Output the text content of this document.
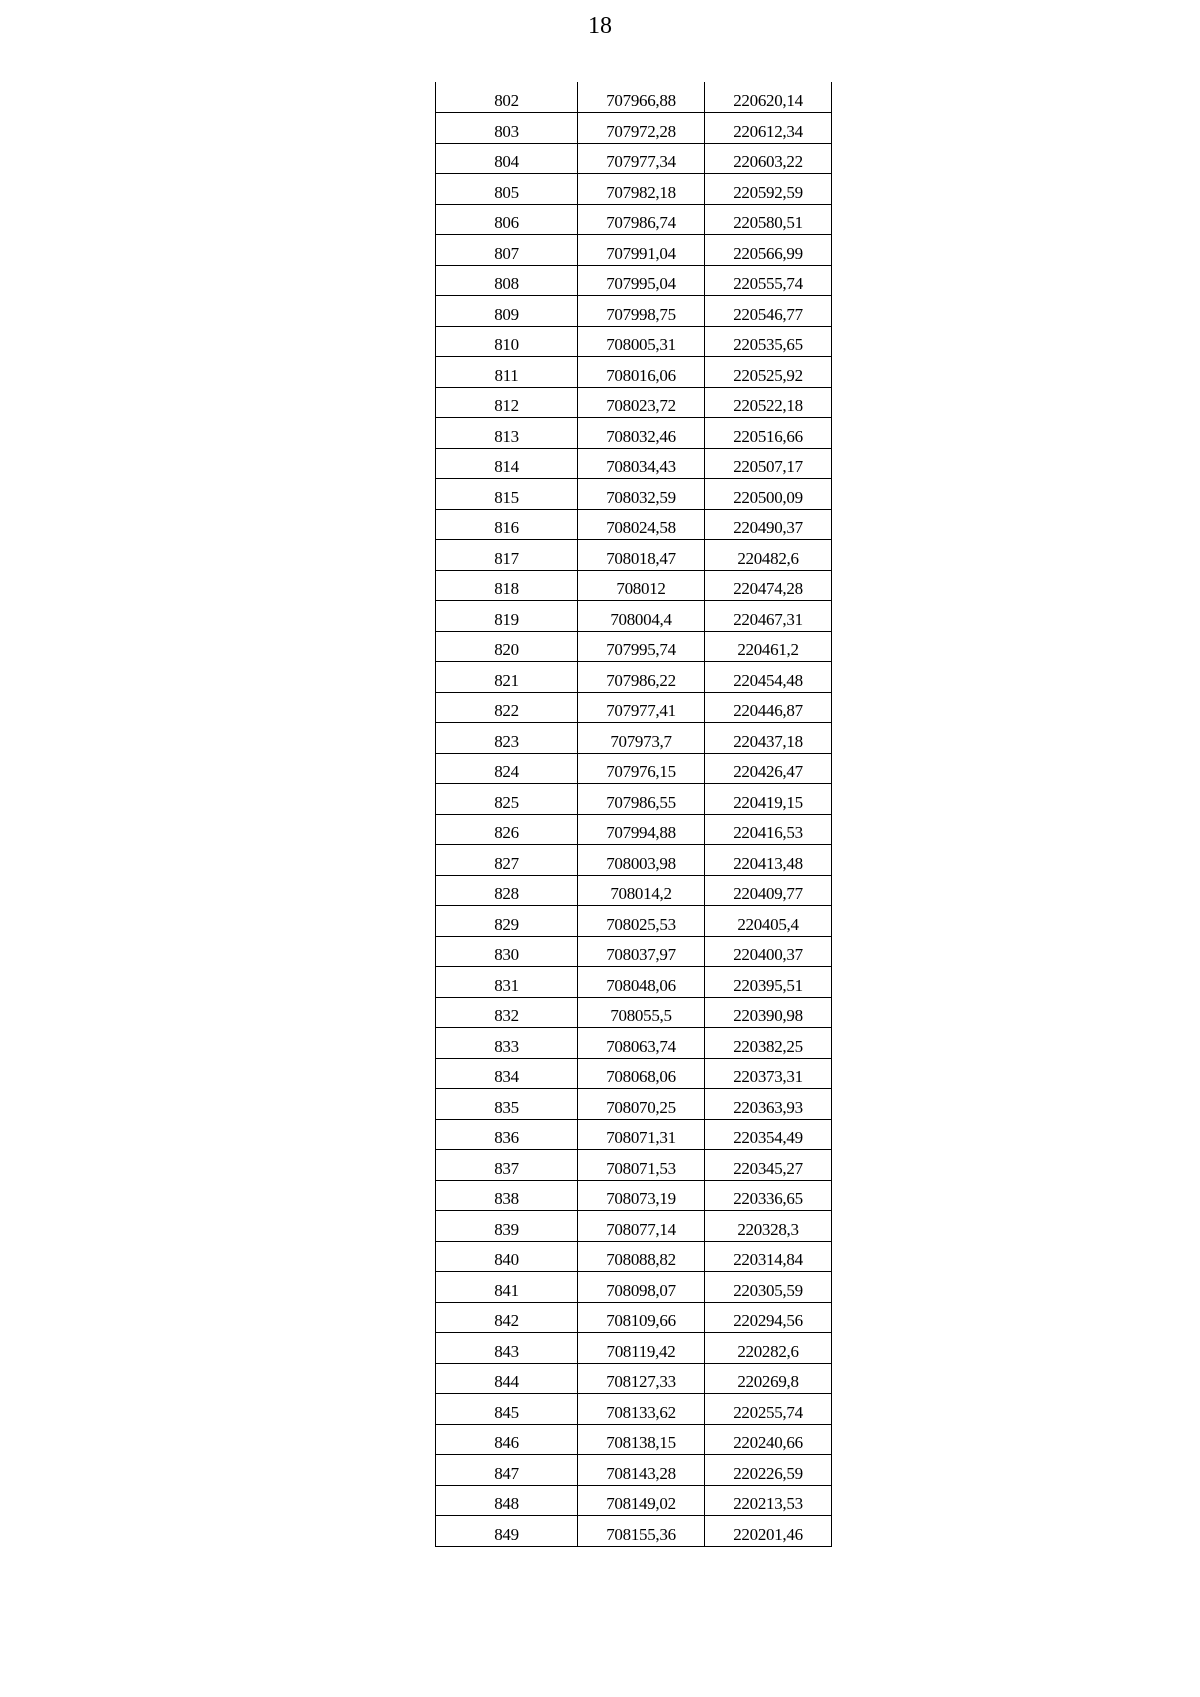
18
802	707966,88	220620,14
803	707972,28	220612,34
804	707977,34	220603,22
805	707982,18	220592,59
806	707986,74	220580,51
807	707991,04	220566,99
808	707995,04	220555,74
809	707998,75	220546,77
810	708005,31	220535,65
811	708016,06	220525,92
812	708023,72	220522,18
813	708032,46	220516,66
814	708034,43	220507,17
815	708032,59	220500,09
816	708024,58	220490,37
817	708018,47	220482,6
818	708012	220474,28
819	708004,4	220467,31
820	707995,74	220461,2
821	707986,22	220454,48
822	707977,41	220446,87
823	707973,7	220437,18
824	707976,15	220426,47
825	707986,55	220419,15
826	707994,88	220416,53
827	708003,98	220413,48
828	708014,2	220409,77
829	708025,53	220405,4
830	708037,97	220400,37
831	708048,06	220395,51
832	708055,5	220390,98
833	708063,74	220382,25
834	708068,06	220373,31
835	708070,25	220363,93
836	708071,31	220354,49
837	708071,53	220345,27
838	708073,19	220336,65
839	708077,14	220328,3
840	708088,82	220314,84
841	708098,07	220305,59
842	708109,66	220294,56
843	708119,42	220282,6
844	708127,33	220269,8
845	708133,62	220255,74
846	708138,15	220240,66
847	708143,28	220226,59
848	708149,02	220213,53
849	708155,36	220201,46
